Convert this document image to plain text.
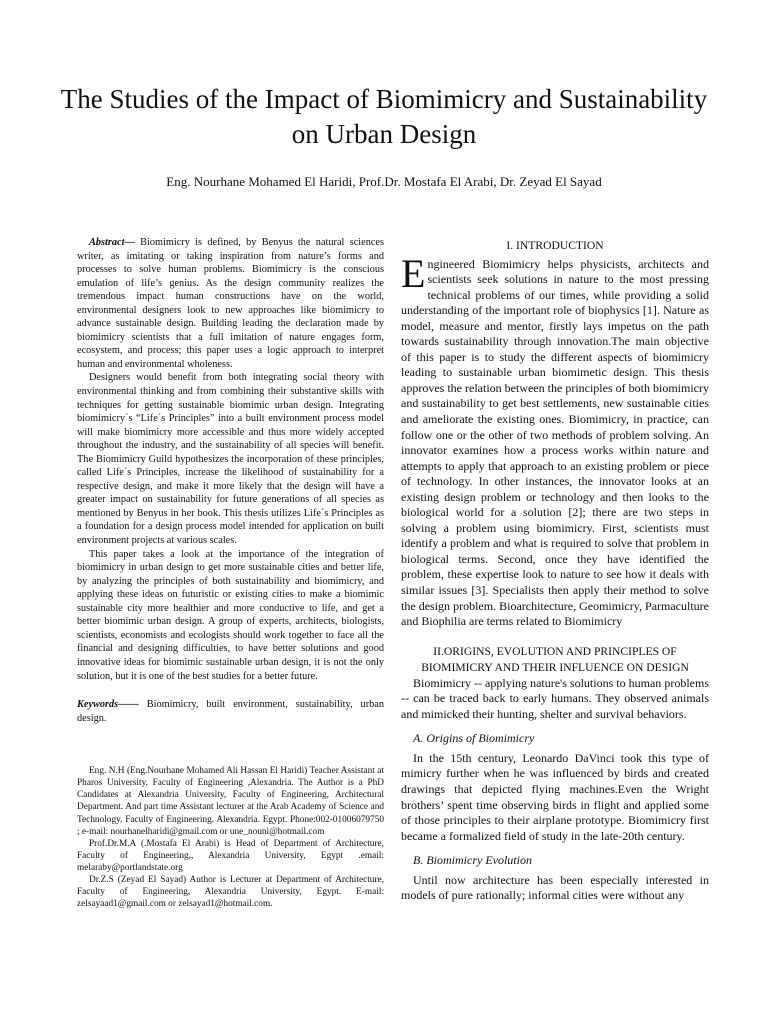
The Studies of the Impact of Biomimicry and Sustainability on Urban Design

Eng. Nourhane Mohamed El Haridi, Prof.Dr. Mostafa El Arabi, Dr. Zeyad El Sayad

Abstract— Biomimicry is defined, by Benyus the natural sciences writer, as imitating or taking inspiration from nature’s forms and processes to solve human problems. Biomimicry is the conscious emulation of life’s genius. As the design community realizes the tremendous impact human constructions have on the world, environmental designers look to new approaches like biomimicry to advance sustainable design. Building leading the declaration made by biomimicry scientists that a full imitation of nature engages form, ecosystem, and process; this paper uses a logic approach to interpret human and environmental wholeness.

Designers would benefit from both integrating social theory with environmental thinking and from combining their substantive skills with techniques for getting sustainable biomimic urban design. Integrating biomimicry´s “Life´s Principles” into a built environment process model will make biomimicry more accessible and thus more widely accepted throughout the industry, and the sustainability of all species will benefit. The Biomimicry Guild hypothesizes the incorporation of these principles, called Life´s Principles, increase the likelihood of sustainability for a respective design, and make it more likely that the design will have a greater impact on sustainability for future generations of all species as mentioned by Benyus in her book. This thesis utilizes Life´s Principles as a foundation for a design process model intended for application on built environment projects at various scales.

This paper takes a look at the importance of the integration of biomimicry in urban design to get more sustainable cities and better life, by analyzing the principles of both sustainability and biomimicry, and applying these ideas on futuristic or existing cities to make a biomimic sustainable city more healthier and more conductive to life, and get a better biomimic urban design. A group of experts, architects, biologists, scientists, economists and ecologists should work together to face all the financial and designing difficulties, to have better solutions and good innovative ideas for biomimic sustainable urban design, it is not the only solution, but it is one of the best studies for a better future.

Keywords—— Biomimicry, built environment, sustainability, urban design.

Eng. N.H (Eng.Nourhane Mohamed Ali Hassan El Haridi) Teacher Assistant at Pharos University, Faculty of Engineering ,Alexandria. The Author is a PhD Candidates at Alexandria University, Faculty of Engineering, Architectural Department. And part time Assistant lecturer at the Arab Academy of Science and Technology, Faculty of Engineering. Alexandria. Egypt. Phone:002-01006079750 ; e-mail: nourhanelharidi@gmail.com or une_nouni@hotmail.com

Prof.Dr.M.A (.Mostafa El Arabi) is Head of Department of Architecture, Faculty of Engineering,, Alexandria University, Egypt .email: melaraby@portlandstate.org

Dr.Z.S (Zeyad El Sayad) Author is Lecturer at Department of Architecture, Faculty of Engineering, Alexandria University, Egypt. E-mail: zelsayaad1@gmail.com or zelsayad1@hotmail.com.

I. INTRODUCTION

Engineered Biomimicry helps physicists, architects and scientists seek solutions in nature to the most pressing technical problems of our times, while providing a solid understanding of the important role of biophysics [1]. Nature as model, measure and mentor, firstly lays impetus on the path towards sustainability through innovation.The main objective of this paper is to study the different aspects of biomimicry leading to sustainable urban biomimetic design. This thesis approves the relation between the principles of both biomimicry and sustainability to get best settlements, new sustainable cities and ameliorate the existing ones. Biomimicry, in practice, can follow one or the other of two methods of problem solving. An innovator examines how a process works within nature and attempts to apply that approach to an existing problem or piece of technology. In other instances, the innovator looks at an existing design problem or technology and then looks to the biological world for a solution [2]; there are two steps in solving a problem using biomimicry. First, scientists must identify a problem and what is required to solve that problem in biological terms. Second, once they have identified the problem, these expertise look to nature to see how it deals with similar issues [3]. Specialists then apply their method to solve the design problem. Bioarchitecture, Geomimicry, Parmaculture and Biophilia are terms related to Biomimicry

II.ORIGINS, EVOLUTION AND PRINCIPLES OF
BIOMIMICRY AND THEIR INFLUENCE ON DESIGN

Biomimicry -- applying nature's solutions to human problems -- can be traced back to early humans. They observed animals and mimicked their hunting, shelter and survival behaviors.

A. Origins of Biomimicry

In the 15th century, Leonardo DaVinci took this type of mimicry further when he was influenced by birds and created drawings that depicted flying machines.Even the Wright brothers’ spent time observing birds in flight and applied some of those principles to their airplane prototype. Biomimicry first became a formalized field of study in the late-20th century.

B. Biomimicry Evolution

Until now architecture has been especially interested in models of pure rationally; informal cities were without any
